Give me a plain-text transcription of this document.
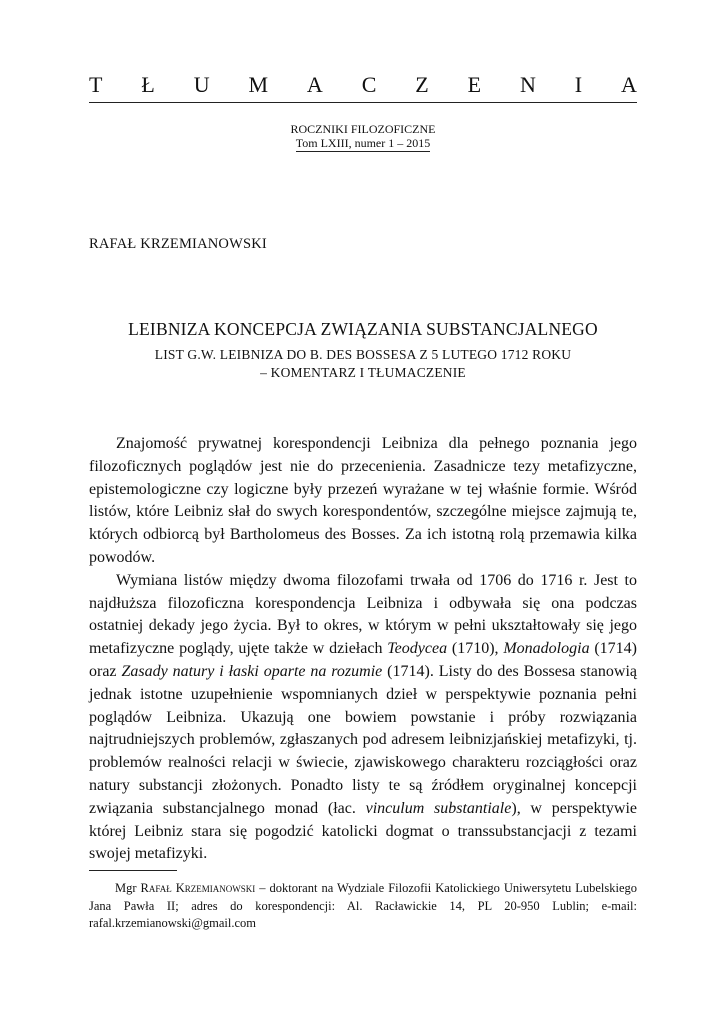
T Ł U M A C Z E N I A
ROCZNIKI FILOZOFICZNE
Tom LXIII, numer 1 – 2015
RAFAŁ KRZEMIANOWSKI
LEIBNIZA KONCEPCJA ZWIĄZANIA SUBSTANCJALNEGO
LIST G.W. LEIBNIZA DO B. DES BOSSESA Z 5 LUTEGO 1712 ROKU
– KOMENTARZ I TŁUMACZENIE

Znajomość prywatnej korespondencji Leibniza dla pełnego poznania jego filozoficznych poglądów jest nie do przecenienia. Zasadnicze tezy metafizyczne, epistemologiczne czy logiczne były przezeń wyrażane w tej właśnie formie. Wśród listów, które Leibniz słał do swych korespondentów, szczególne miejsce zajmują te, których odbiorcą był Bartholomeus des Bosses. Za ich istotną rolą przemawia kilka powodów.

Wymiana listów między dwoma filozofami trwała od 1706 do 1716 r. Jest to najdłuższa filozoficzna korespondencja Leibniza i odbywała się ona podczas ostatniej dekady jego życia. Był to okres, w którym w pełni ukształtowały się jego metafizyczne poglądy, ujęte także w dziełach Teodycea (1710), Monadologia (1714) oraz Zasady natury i łaski oparte na rozumie (1714). Listy do des Bossesa stanowią jednak istotne uzupełnienie wspomnianych dzieł w perspektywie poznania pełni poglądów Leibniza. Ukazują one bowiem powstanie i próby rozwiązania najtrudniejszych problemów, zgłaszanych pod adresem leibnizjańskiej metafizyki, tj. problemów realności relacji w świecie, zjawiskowego charakteru rozciągłości oraz natury substancji złożonych. Ponadto listy te są źródłem oryginalnej koncepcji związania substancjalnego monad (łac. vinculum substantiale), w perspektywie której Leibniz stara się pogodzić katolicki dogmat o transsubstancjacji z tezami swojej metafizyki.

Mgr Rafał Krzemianowski – doktorant na Wydziale Filozofii Katolickiego Uniwersytetu Lubelskiego Jana Pawła II; adres do korespondencji: Al. Racławickie 14, PL 20-950 Lublin; e-mail: rafal.krzemianowski@gmail.com
